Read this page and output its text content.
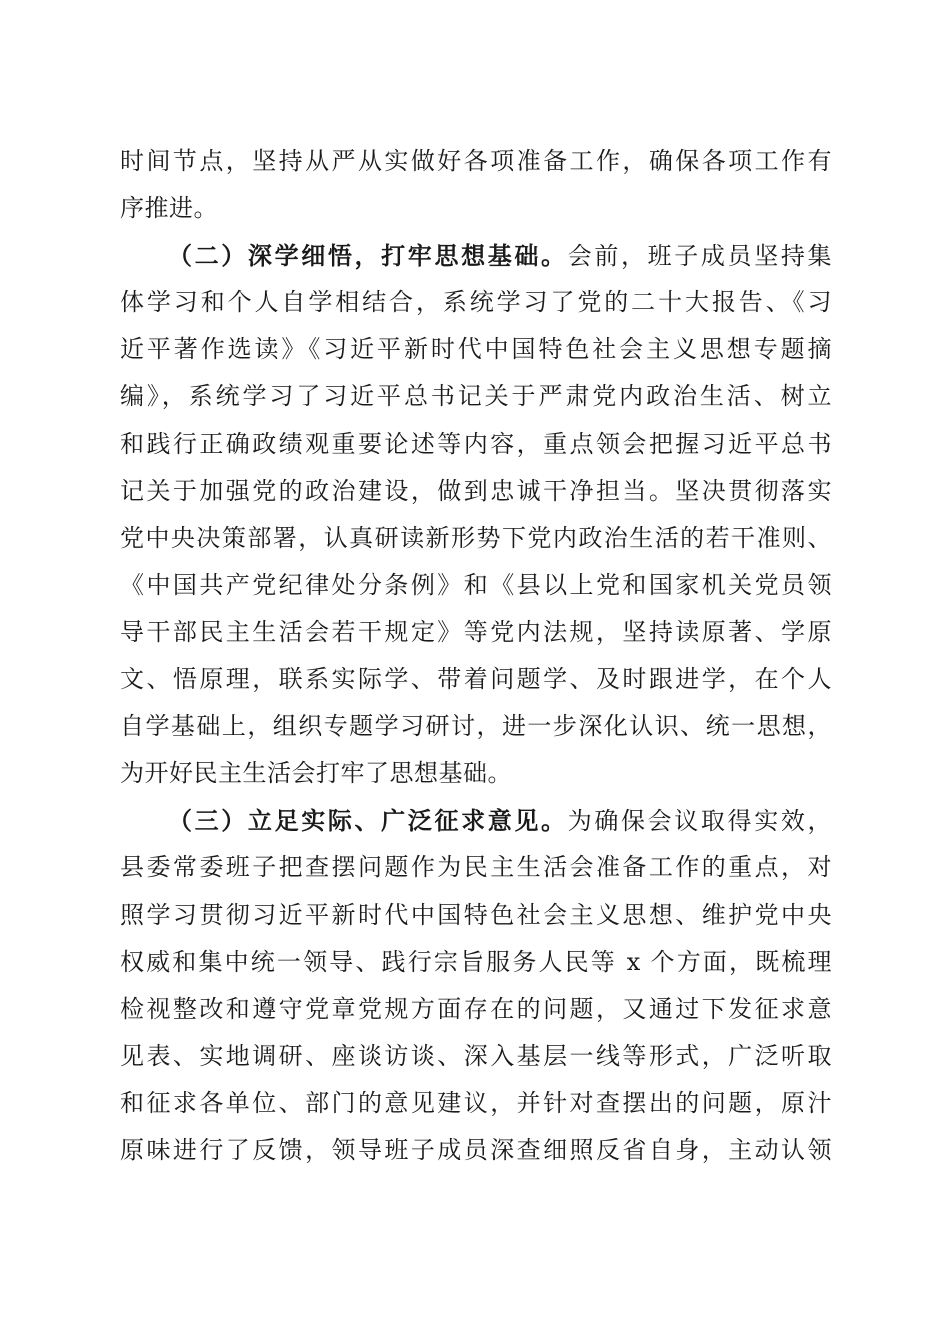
时间节点，坚持从严从实做好各项准备工作，确保各项工作有
序推进。
（二）深学细悟，打牢思想基础。会前，班子成员坚持集
体学习和个人自学相结合，系统学习了党的二十大报告、《习
近平著作选读》《习近平新时代中国特色社会主义思想专题摘
编》，系统学习了习近平总书记关于严肃党内政治生活、树立
和践行正确政绩观重要论述等内容，重点领会把握习近平总书
记关于加强党的政治建设，做到忠诚干净担当。坚决贯彻落实
党中央决策部署，认真研读新形势下党内政治生活的若干准则、
《中国共产党纪律处分条例》和《县以上党和国家机关党员领
导干部民主生活会若干规定》等党内法规，坚持读原著、学原
文、悟原理，联系实际学、带着问题学、及时跟进学，在个人
自学基础上，组织专题学习研讨，进一步深化认识、统一思想，
为开好民主生活会打牢了思想基础。
（三）立足实际、广泛征求意见。为确保会议取得实效，
县委常委班子把查摆问题作为民主生活会准备工作的重点，对
照学习贯彻习近平新时代中国特色社会主义思想、维护党中央
权威和集中统一领导、践行宗旨服务人民等 x 个方面，既梳理
检视整改和遵守党章党规方面存在的问题，又通过下发征求意
见表、实地调研、座谈访谈、深入基层一线等形式，广泛听取
和征求各单位、部门的意见建议，并针对查摆出的问题，原汁
原味进行了反馈，领导班子成员深查细照反省自身，主动认领
